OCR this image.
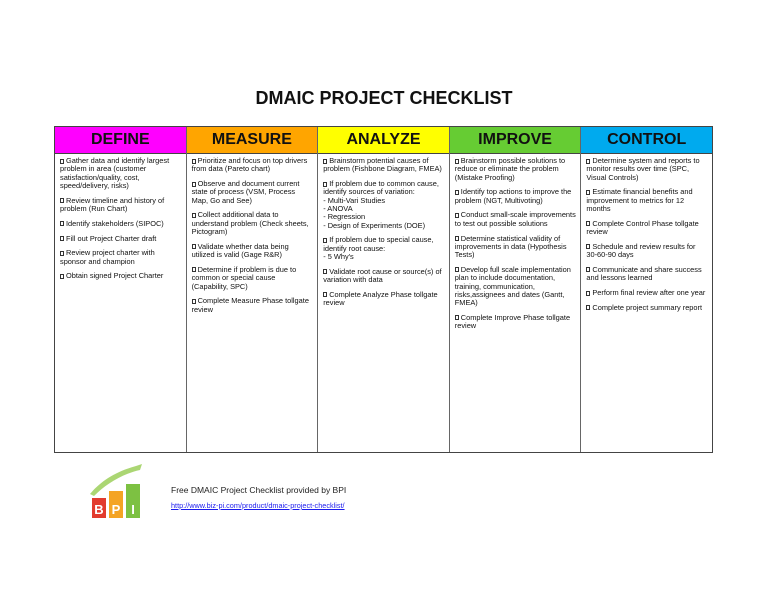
DMAIC PROJECT CHECKLIST
DEFINE
Gather data and identify largest problem in area (customer satisfaction/quality, cost, speed/delivery, risks)
Review timeline and history of problem (Run Chart)
Identify stakeholders (SIPOC)
Fill out Project Charter draft
Review project charter with sponsor and champion
Obtain signed Project Charter
MEASURE
Prioritize and focus on top drivers from data (Pareto chart)
Observe and document current state of process (VSM, Process Map, Go and See)
Collect additional data to understand problem (Check sheets, Pictogram)
Validate whether data being utilized is valid (Gage R&R)
Determine if problem is due to common or special cause (Capability, SPC)
Complete Measure Phase tollgate review
ANALYZE
Brainstorm potential causes of problem (Fishbone Diagram, FMEA)
If problem due to common cause, identify sources of variation:
- Multi-Vari Studies
- ANOVA
- Regression
- Design of Experiments (DOE)
If problem due to special cause, identify root cause:
- 5 Why's
Validate root cause or source(s) of variation with data
Complete Analyze Phase tollgate review
IMPROVE
Brainstorm possible solutions to reduce or eliminate the problem (Mistake Proofing)
Identify top actions to improve the problem (NGT, Multivoting)
Conduct small-scale improvements to test out possible solutions
Determine statistical validity of improvements in data (Hypothesis Tests)
Develop full scale implementation plan to include documentation, training, communication, risks,assignees and dates (Gantt, FMEA)
Complete Improve Phase tollgate review
CONTROL
Determine system and reports to monitor results over time (SPC, Visual Controls)
Estimate financial benefits and improvement to metrics for 12 months
Complete Control Phase tollgate review
Schedule and review results for 30-60-90 days
Communicate and share success and lessons learned
Perform final review after one year
Complete project summary report
B P I
Free DMAIC Project Checklist provided by BPI
http://www.biz-pi.com/product/dmaic-project-checklist/
